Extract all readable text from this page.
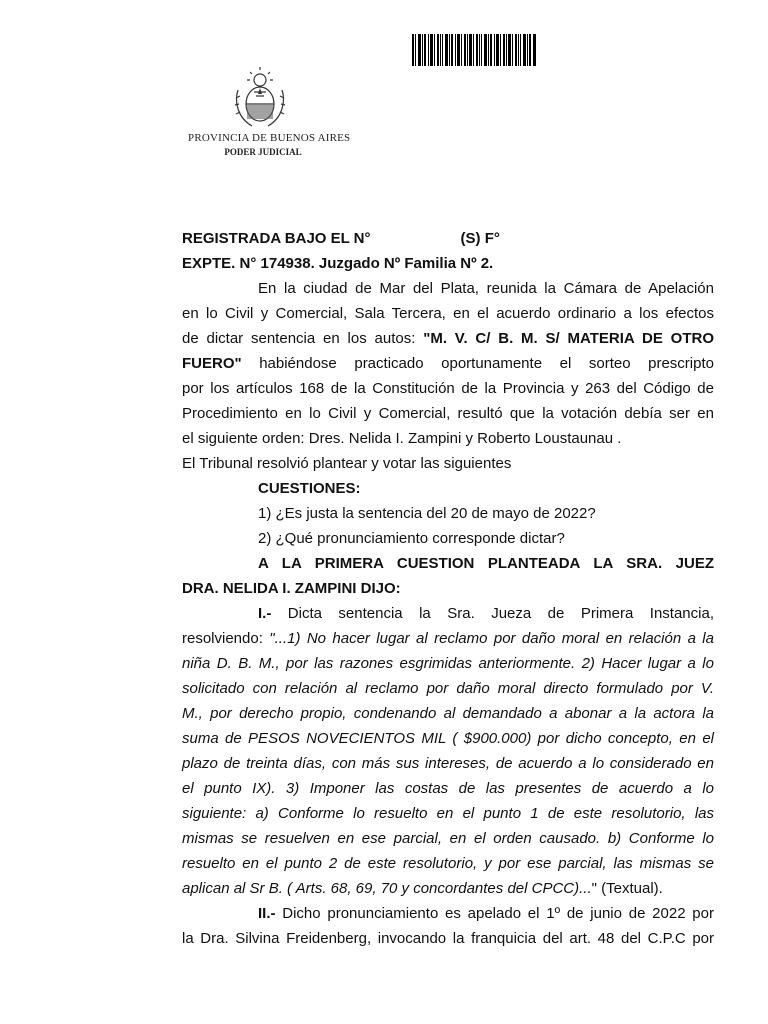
PROVINCIA DE BUENOS AIRES
PODER JUDICIAL
REGISTRADA BAJO EL N°	(S) F°
EXPTE. N° 174938. Juzgado Nº Familia Nº 2.
En la ciudad de Mar del Plata, reunida la Cámara de Apelación
en lo Civil y Comercial, Sala Tercera, en el acuerdo ordinario a los efectos
de dictar sentencia en los autos: "M. V. C/ B. M. S/ MATERIA DE OTRO
FUERO" habiéndose practicado oportunamente el sorteo prescripto
por los artículos 168 de la Constitución de la Provincia y 263 del Código de
Procedimiento en lo Civil y Comercial, resultó que la votación debía ser en
el siguiente orden: Dres. Nelida I. Zampini y Roberto Loustaunau .
El Tribunal resolvió plantear y votar las siguientes
CUESTIONES:
1) ¿Es justa la sentencia del 20 de mayo de 2022?
2) ¿Qué pronunciamiento corresponde dictar?
A LA PRIMERA CUESTION PLANTEADA LA SRA. JUEZ
DRA. NELIDA I. ZAMPINI DIJO:
I.- Dicta sentencia la Sra. Jueza de Primera Instancia,
resolviendo: "...1) No hacer lugar al reclamo por daño moral en relación a la
niña D. B. M., por las razones esgrimidas anteriormente. 2) Hacer lugar a lo
solicitado con relación al reclamo por daño moral directo formulado por V.
M., por derecho propio, condenando al demandado a abonar a la actora la
suma de PESOS NOVECIENTOS MIL ( $900.000) por dicho concepto, en el
plazo de treinta días, con más sus intereses, de acuerdo a lo considerado en
el punto IX). 3) Imponer las costas de las presentes de acuerdo a lo
siguiente: a) Conforme lo resuelto en el punto 1 de este resolutorio, las
mismas se resuelven en ese parcial, en el orden causado. b) Conforme lo
resuelto en el punto 2 de este resolutorio, y por ese parcial, las mismas se
aplican al Sr B. ( Arts. 68, 69, 70 y concordantes del CPCC)..." (Textual).
II.- Dicho pronunciamiento es apelado el 1º de junio de 2022 por
la Dra. Silvina Freidenberg, invocando la franquicia del art. 48 del C.P.C por
